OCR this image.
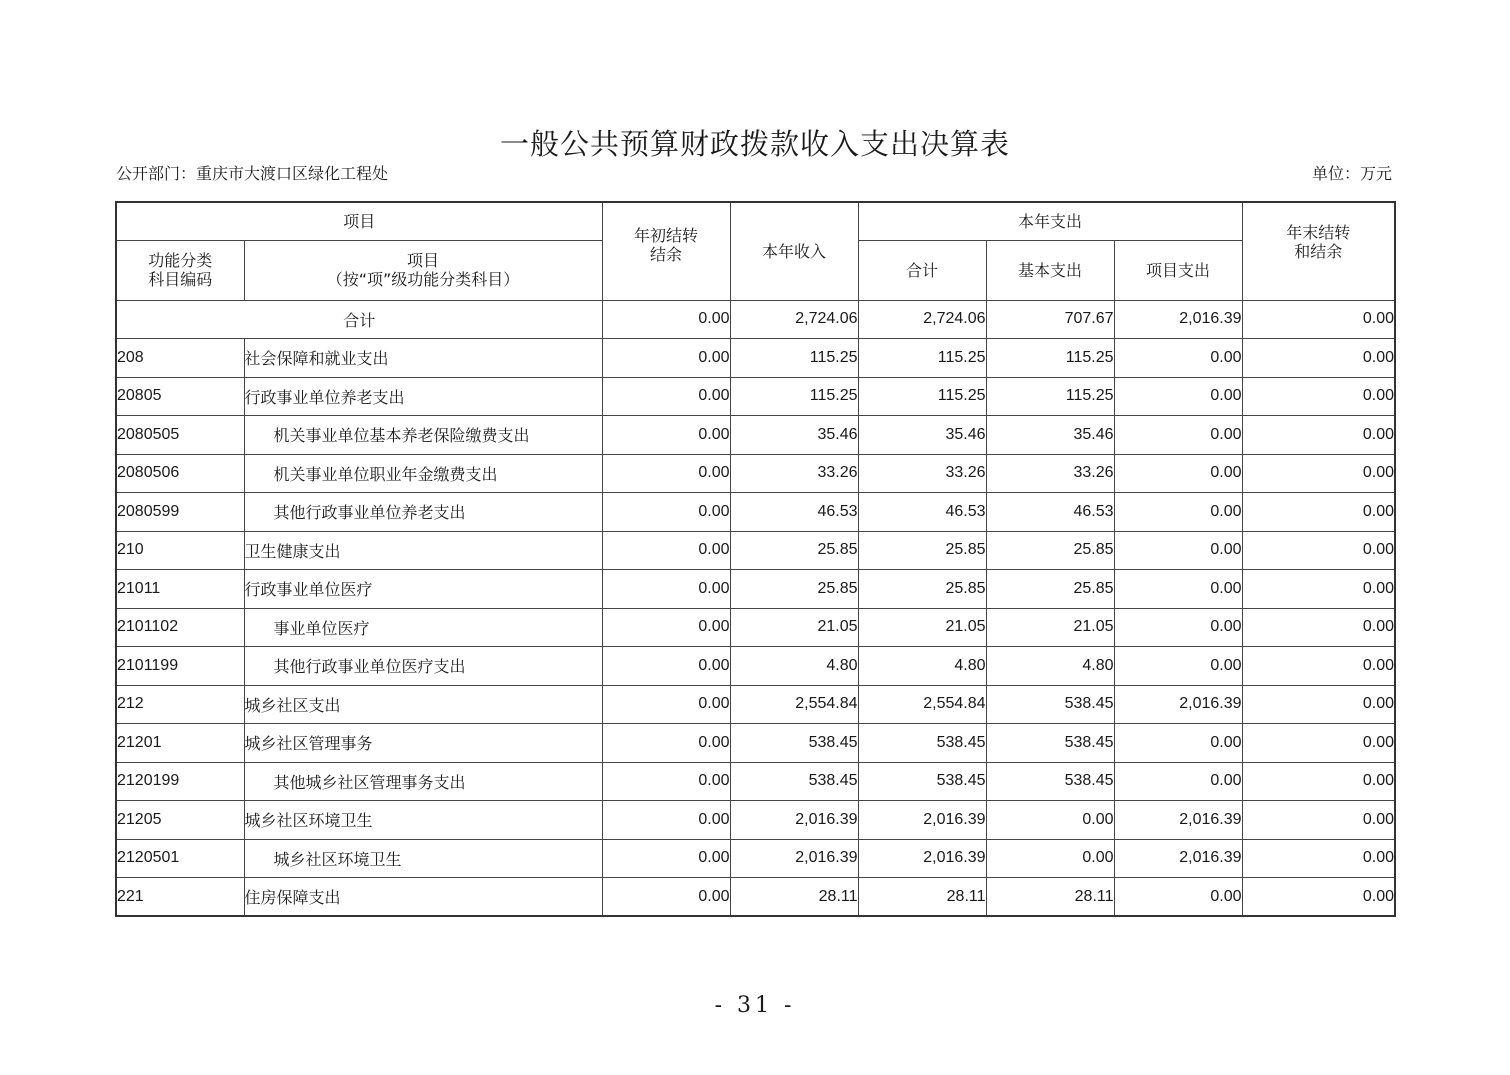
一般公共预算财政拨款收入支出决算表
公开部门：重庆市大渡口区绿化工程处	单位：万元
项目		年初结转结余	本年收入	本年支出			年末结转和结余

功能分类科目编码	项目
（按“项”级功能分类科目）			合计	基本支出	项目支出	
合计		0.00	2,724.06	2,724.06	707.67	2,016.39	0.00
208	社会保障和就业支出	0.00	115.25	115.25	115.25	0.00	0.00
20805	行政事业单位养老支出	0.00	115.25	115.25	115.25	0.00	0.00
2080505	机关事业单位基本养老保险缴费支出	0.00	35.46	35.46	35.46	0.00	0.00
2080506	机关事业单位职业年金缴费支出	0.00	33.26	33.26	33.26	0.00	0.00
2080599	其他行政事业单位养老支出	0.00	46.53	46.53	46.53	0.00	0.00
210	卫生健康支出	0.00	25.85	25.85	25.85	0.00	0.00
21011	行政事业单位医疗	0.00	25.85	25.85	25.85	0.00	0.00
2101102	事业单位医疗	0.00	21.05	21.05	21.05	0.00	0.00
2101199	其他行政事业单位医疗支出	0.00	4.80	4.80	4.80	0.00	0.00
212	城乡社区支出	0.00	2,554.84	2,554.84	538.45	2,016.39	0.00
21201	城乡社区管理事务	0.00	538.45	538.45	538.45	0.00	0.00
2120199	其他城乡社区管理事务支出	0.00	538.45	538.45	538.45	0.00	0.00
21205	城乡社区环境卫生	0.00	2,016.39	2,016.39	0.00	2,016.39	0.00
2120501	城乡社区环境卫生	0.00	2,016.39	2,016.39	0.00	2,016.39	0.00
221	住房保障支出	0.00	28.11	28.11	28.11	0.00	0.00
- 31 -
